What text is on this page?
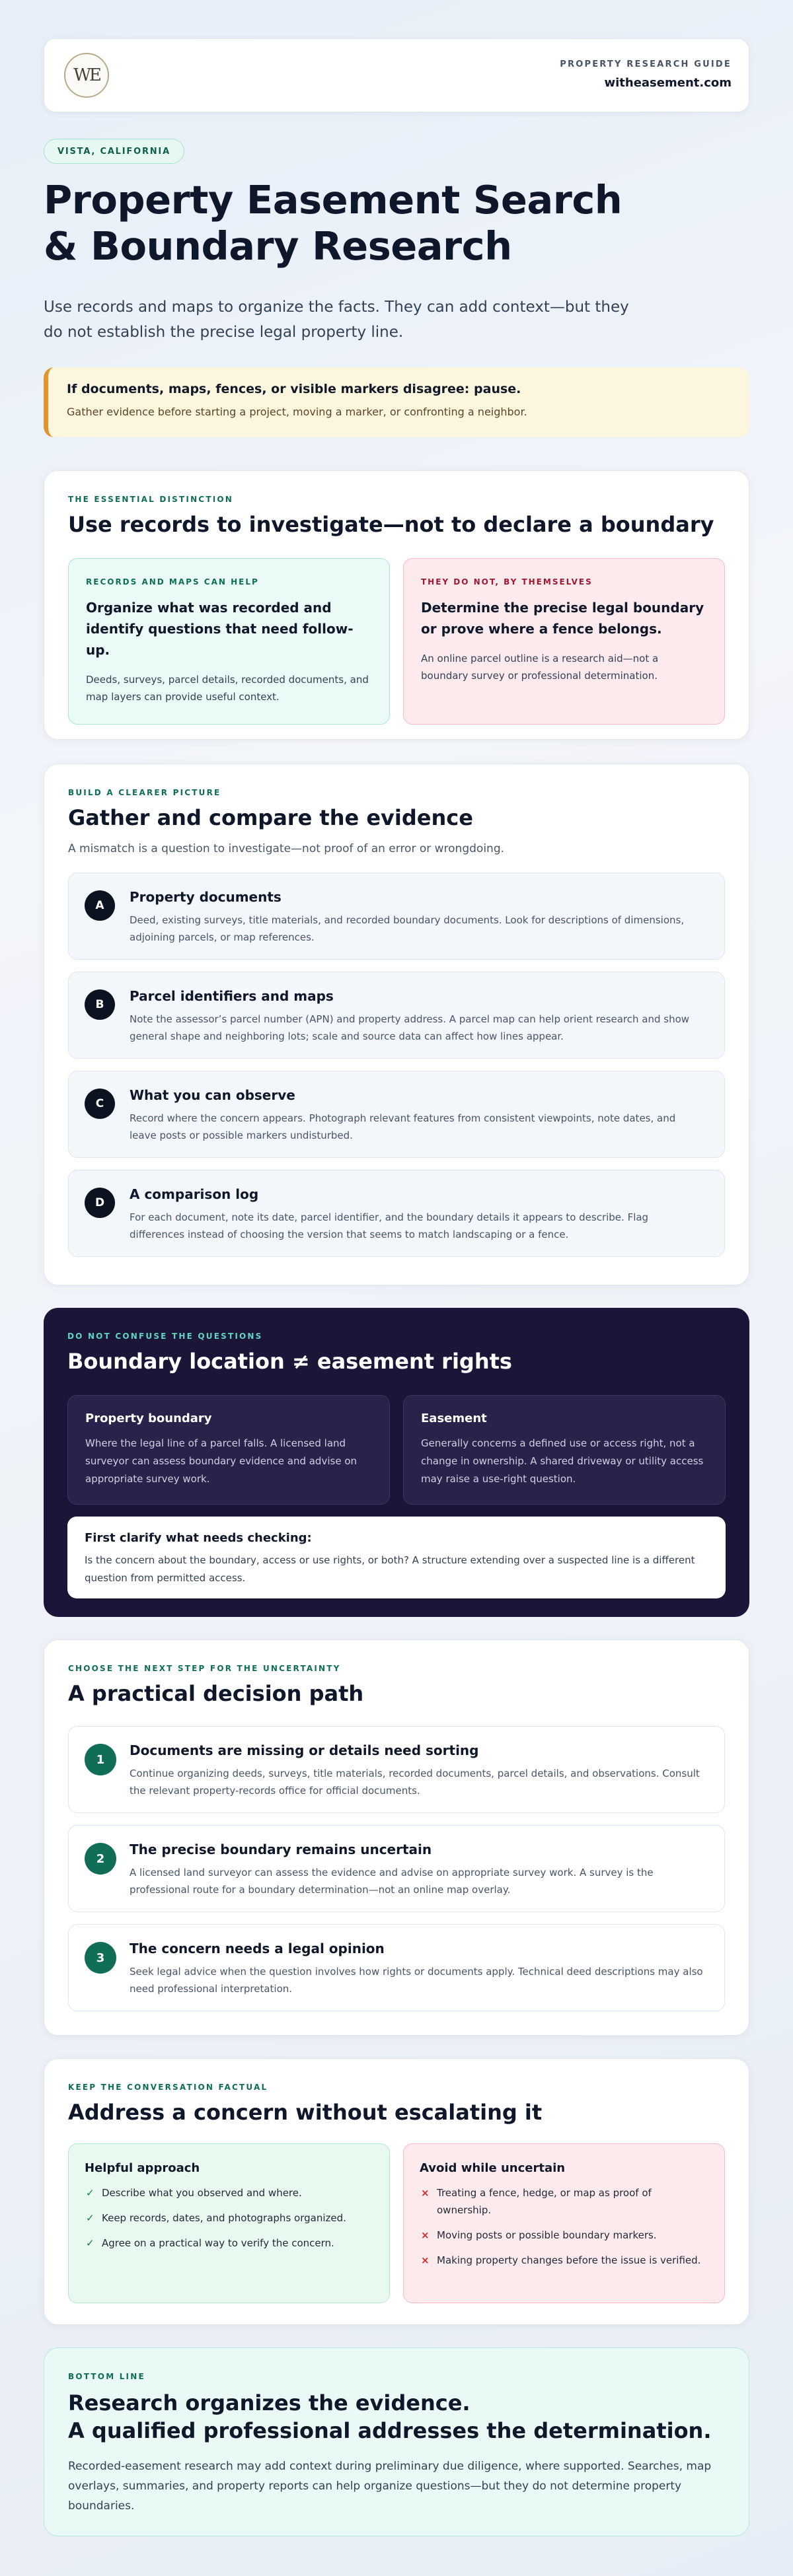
WE
PROPERTY RESEARCH GUIDE
witheasement.com
VISTA, CALIFORNIA
Property Easement Search
& Boundary Research

Use records and maps to organize the facts. They can add context—but they do not establish the precise legal property line.

If documents, maps, fences, or visible markers disagree: pause.
Gather evidence before starting a project, moving a marker, or confronting a neighbor.
THE ESSENTIAL DISTINCTION
Use records to investigate—not to declare a boundary
RECORDS AND MAPS CAN HELP
Organize what was recorded and identify questions that need follow-up.
Deeds, surveys, parcel details, recorded documents, and map layers can provide useful context.
THEY DO NOT, BY THEMSELVES
Determine the precise legal boundary or prove where a fence belongs.
An online parcel outline is a research aid—not a boundary survey or professional determination.
BUILD A CLEARER PICTURE
Gather and compare the evidence

A mismatch is a question to investigate—not proof of an error or wrongdoing.

A
Property documents
Deed, existing surveys, title materials, and recorded boundary documents. Look for descriptions of dimensions, adjoining parcels, or map references.
B
Parcel identifiers and maps
Note the assessor’s parcel number (APN) and property address. A parcel map can help orient research and show general shape and neighboring lots; scale and source data can affect how lines appear.
C
What you can observe
Record where the concern appears. Photograph relevant features from consistent viewpoints, note dates, and leave posts or possible markers undisturbed.
D
A comparison log
For each document, note its date, parcel identifier, and the boundary details it appears to describe. Flag differences instead of choosing the version that seems to match landscaping or a fence.
DO NOT CONFUSE THE QUESTIONS
Boundary location ≠ easement rights
Property boundary
Where the legal line of a parcel falls. A licensed land surveyor can assess boundary evidence and advise on appropriate survey work.
Easement
Generally concerns a defined use or access right, not a change in ownership. A shared driveway or utility access may raise a use-right question.
First clarify what needs checking:
Is the concern about the boundary, access or use rights, or both? A structure extending over a suspected line is a different question from permitted access.
CHOOSE THE NEXT STEP FOR THE UNCERTAINTY
A practical decision path
1
Documents are missing or details need sorting
Continue organizing deeds, surveys, title materials, recorded documents, parcel details, and observations. Consult the relevant property-records office for official documents.
2
The precise boundary remains uncertain
A licensed land surveyor can assess the evidence and advise on appropriate survey work. A survey is the professional route for a boundary determination—not an online map overlay.
3
The concern needs a legal opinion
Seek legal advice when the question involves how rights or documents apply. Technical deed descriptions may also need professional interpretation.
KEEP THE CONVERSATION FACTUAL
Address a concern without escalating it
Helpful approach
✓ Describe what you observed and where.
✓ Keep records, dates, and photographs organized.
✓ Agree on a practical way to verify the concern.
Avoid while uncertain
× Treating a fence, hedge, or map as proof of ownership.
× Moving posts or possible boundary markers.
× Making property changes before the issue is verified.
BOTTOM LINE
Research organizes the evidence.
A qualified professional addresses the determination.

Recorded-easement research may add context during preliminary due diligence, where supported. Searches, map overlays, summaries, and property reports can help organize questions—but they do not determine property boundaries.
